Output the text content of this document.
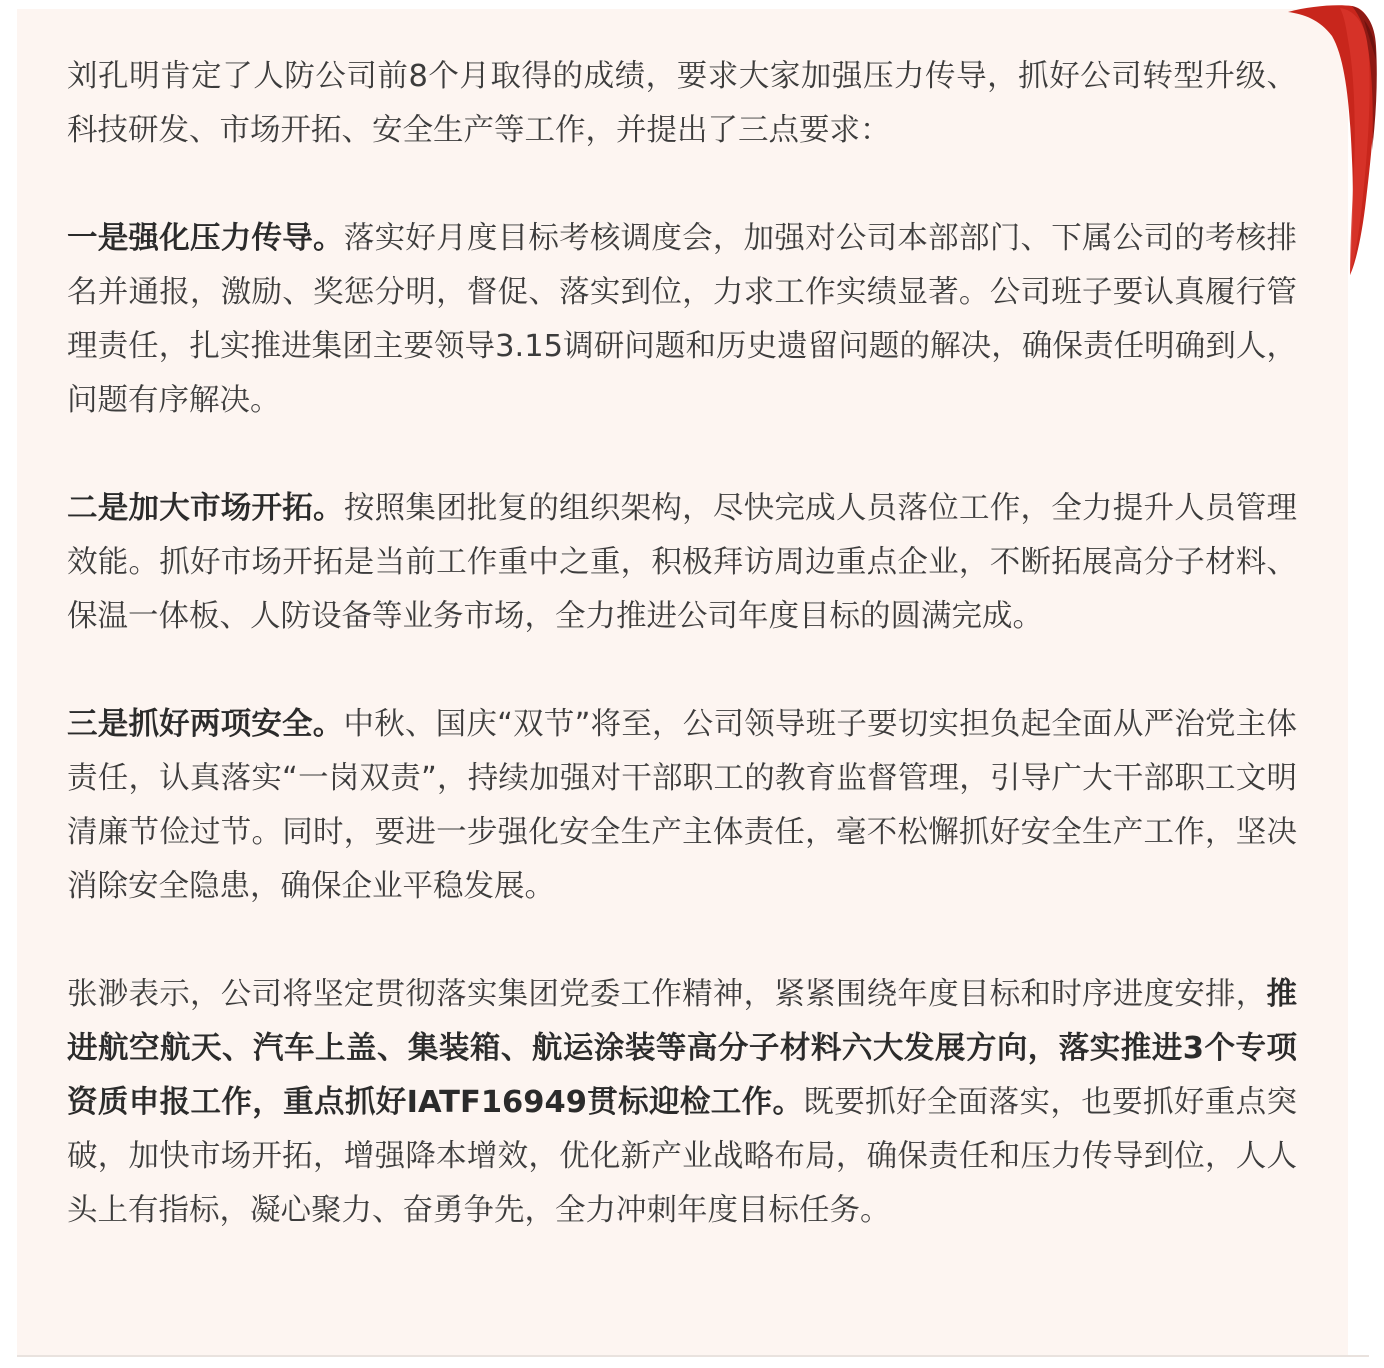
刘孔明肯定了人防公司前8个月取得的成绩，要求大家加强压力传导，抓好公司转型升级、科技研发、市场开拓、安全生产等工作，并提出了三点要求：

一是强化压力传导。落实好月度目标考核调度会，加强对公司本部部门、下属公司的考核排名并通报，激励、奖惩分明，督促、落实到位，力求工作实绩显著。公司班子要认真履行管理责任，扎实推进集团主要领导3.15调研问题和历史遗留问题的解决，确保责任明确到人，问题有序解决。

二是加大市场开拓。按照集团批复的组织架构，尽快完成人员落位工作，全力提升人员管理效能。抓好市场开拓是当前工作重中之重，积极拜访周边重点企业，不断拓展高分子材料、保温一体板、人防设备等业务市场，全力推进公司年度目标的圆满完成。

三是抓好两项安全。中秋、国庆“双节”将至，公司领导班子要切实担负起全面从严治党主体责任，认真落实“一岗双责”，持续加强对干部职工的教育监督管理，引导广大干部职工文明清廉节俭过节。同时，要进一步强化安全生产主体责任，毫不松懈抓好安全生产工作，坚决消除安全隐患，确保企业平稳发展。

张渺表示，公司将坚定贯彻落实集团党委工作精神，紧紧围绕年度目标和时序进度安排，推进航空航天、汽车上盖、集装箱、航运涂装等高分子材料六大发展方向，落实推进3个专项资质申报工作，重点抓好IATF16949贯标迎检工作。既要抓好全面落实，也要抓好重点突破，加快市场开拓，增强降本增效，优化新产业战略布局，确保责任和压力传导到位，人人头上有指标，凝心聚力、奋勇争先，全力冲刺年度目标任务。
